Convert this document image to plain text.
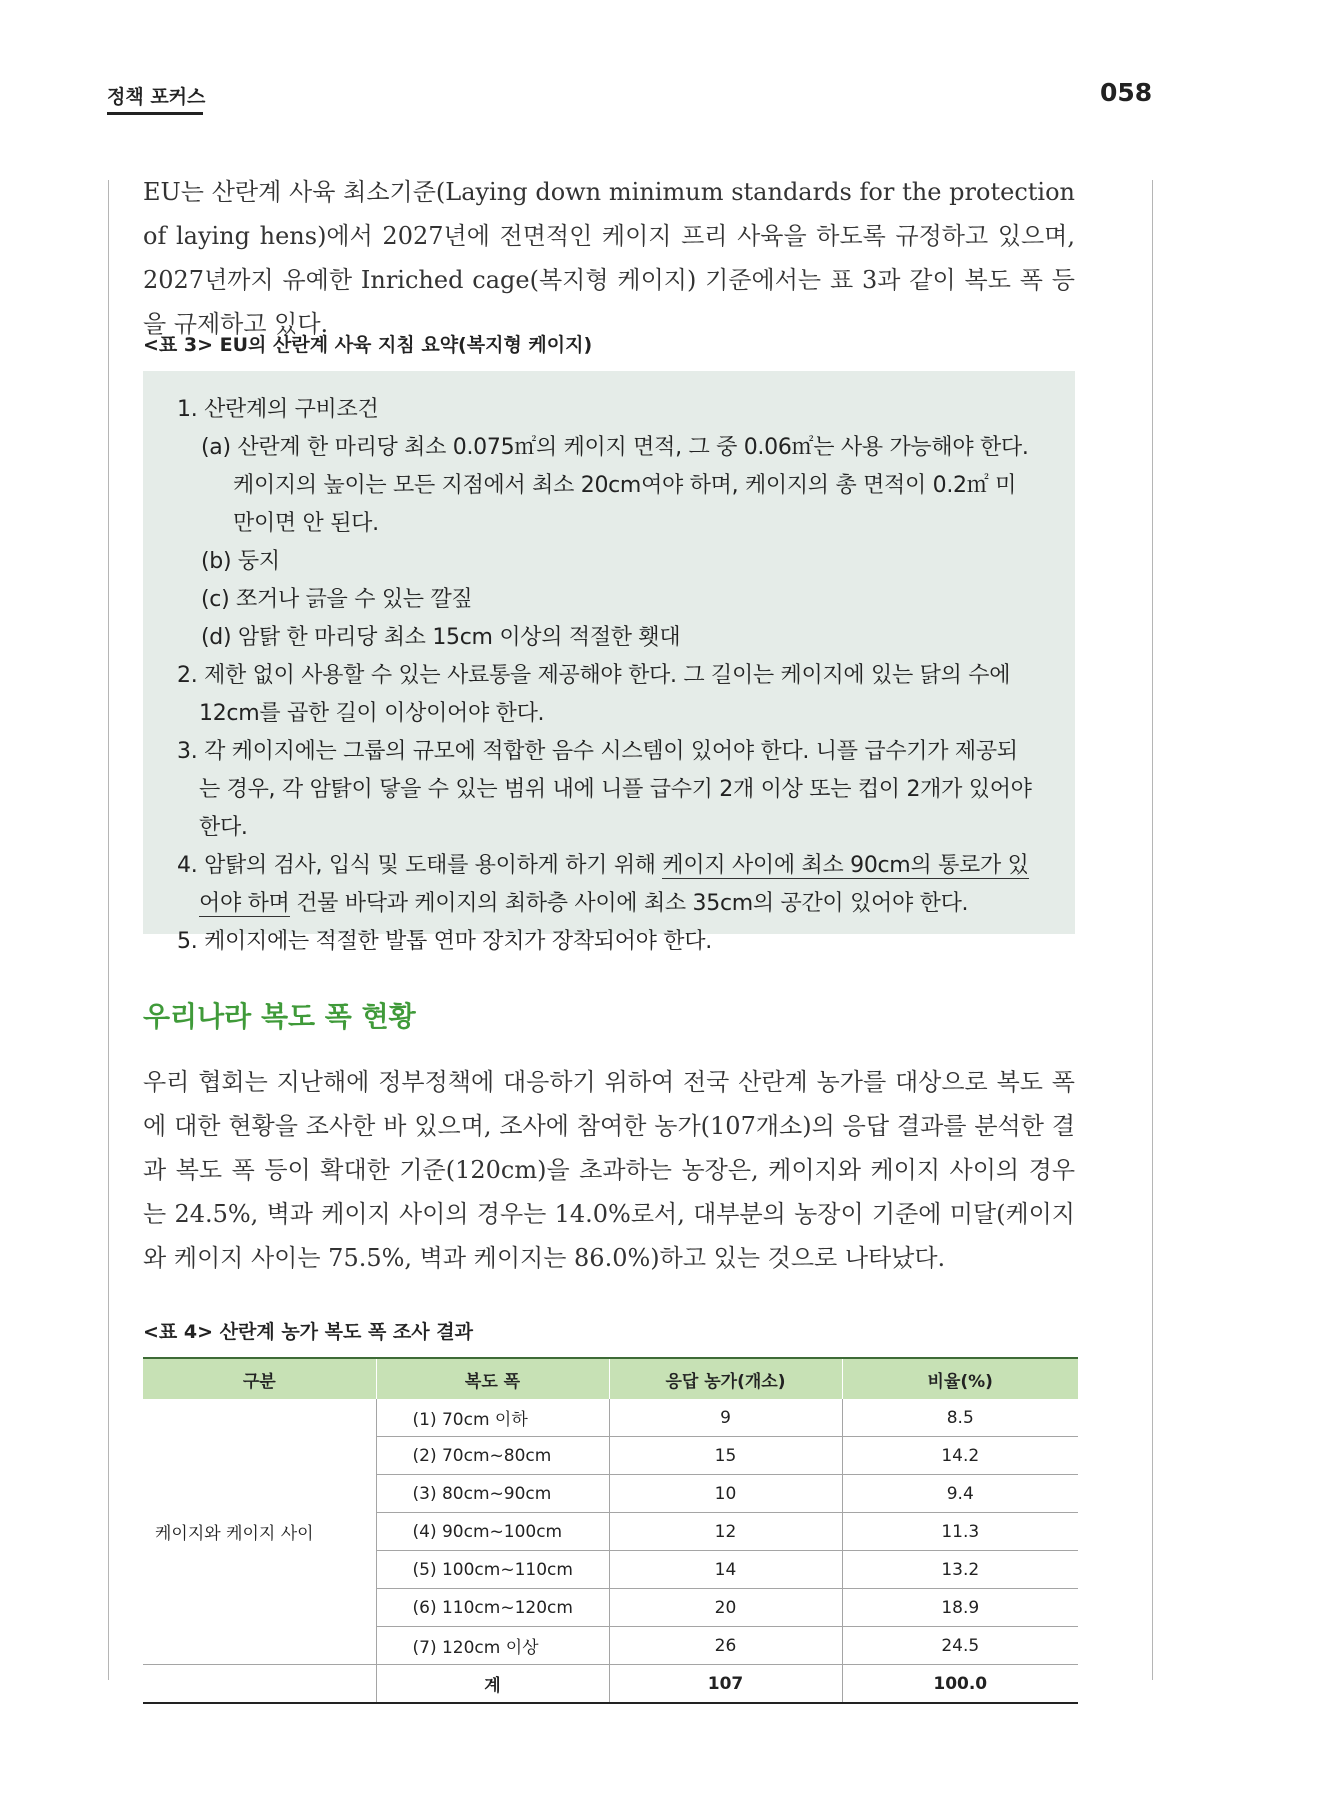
정책 포커스	058

EU는 산란계 사육 최소기준(Laying down minimum standards for the protection of laying hens)에서 2027년에 전면적인 케이지 프리 사육을 하도록 규정하고 있으며, 2027년까지 유예한 Inriched cage(복지형 케이지) 기준에서는 표 3과 같이 복도 폭 등을 규제하고 있다.

<표 3> EU의 산란계 사육 지침 요약(복지형 케이지)
1. 산란계의 구비조건
(a) 산란계 한 마리당 최소 0.075㎡의 케이지 면적, 그 중 0.06㎡는 사용 가능해야 한다. 케이지의 높이는 모든 지점에서 최소 20cm여야 하며, 케이지의 총 면적이 0.2㎡ 미만이면 안 된다.
(b) 둥지
(c) 쪼거나 긁을 수 있는 깔짚
(d) 암탉 한 마리당 최소 15cm 이상의 적절한 횃대
2. 제한 없이 사용할 수 있는 사료통을 제공해야 한다. 그 길이는 케이지에 있는 닭의 수에 12cm를 곱한 길이 이상이어야 한다.
3. 각 케이지에는 그룹의 규모에 적합한 음수 시스템이 있어야 한다. 니플 급수기가 제공되는 경우, 각 암탉이 닿을 수 있는 범위 내에 니플 급수기 2개 이상 또는 컵이 2개가 있어야 한다.
4. 암탉의 검사, 입식 및 도태를 용이하게 하기 위해 케이지 사이에 최소 90cm의 통로가 있어야 하며 건물 바닥과 케이지의 최하층 사이에 최소 35cm의 공간이 있어야 한다.
5. 케이지에는 적절한 발톱 연마 장치가 장착되어야 한다.
우리나라 복도 폭 현황

우리 협회는 지난해에 정부정책에 대응하기 위하여 전국 산란계 농가를 대상으로 복도 폭에 대한 현황을 조사한 바 있으며, 조사에 참여한 농가(107개소)의 응답 결과를 분석한 결과 복도 폭 등이 확대한 기준(120cm)을 초과하는 농장은, 케이지와 케이지 사이의 경우는 24.5%, 벽과 케이지 사이의 경우는 14.0%로서, 대부분의 농장이 기준에 미달(케이지와 케이지 사이는 75.5%, 벽과 케이지는 86.0%)하고 있는 것으로 나타났다.

<표 4> 산란계 농가 복도 폭 조사 결과
구분	복도 폭	응답 농가(개소)	비율(%)
케이지와 케이지 사이	(1) 70cm 이하	9	8.5
	(2) 70cm~80cm	15	14.2
	(3) 80cm~90cm	10	9.4
	(4) 90cm~100cm	12	11.3
	(5) 100cm~110cm	14	13.2
	(6) 110cm~120cm	20	18.9
	(7) 120cm 이상	26	24.5
	계	107	100.0
